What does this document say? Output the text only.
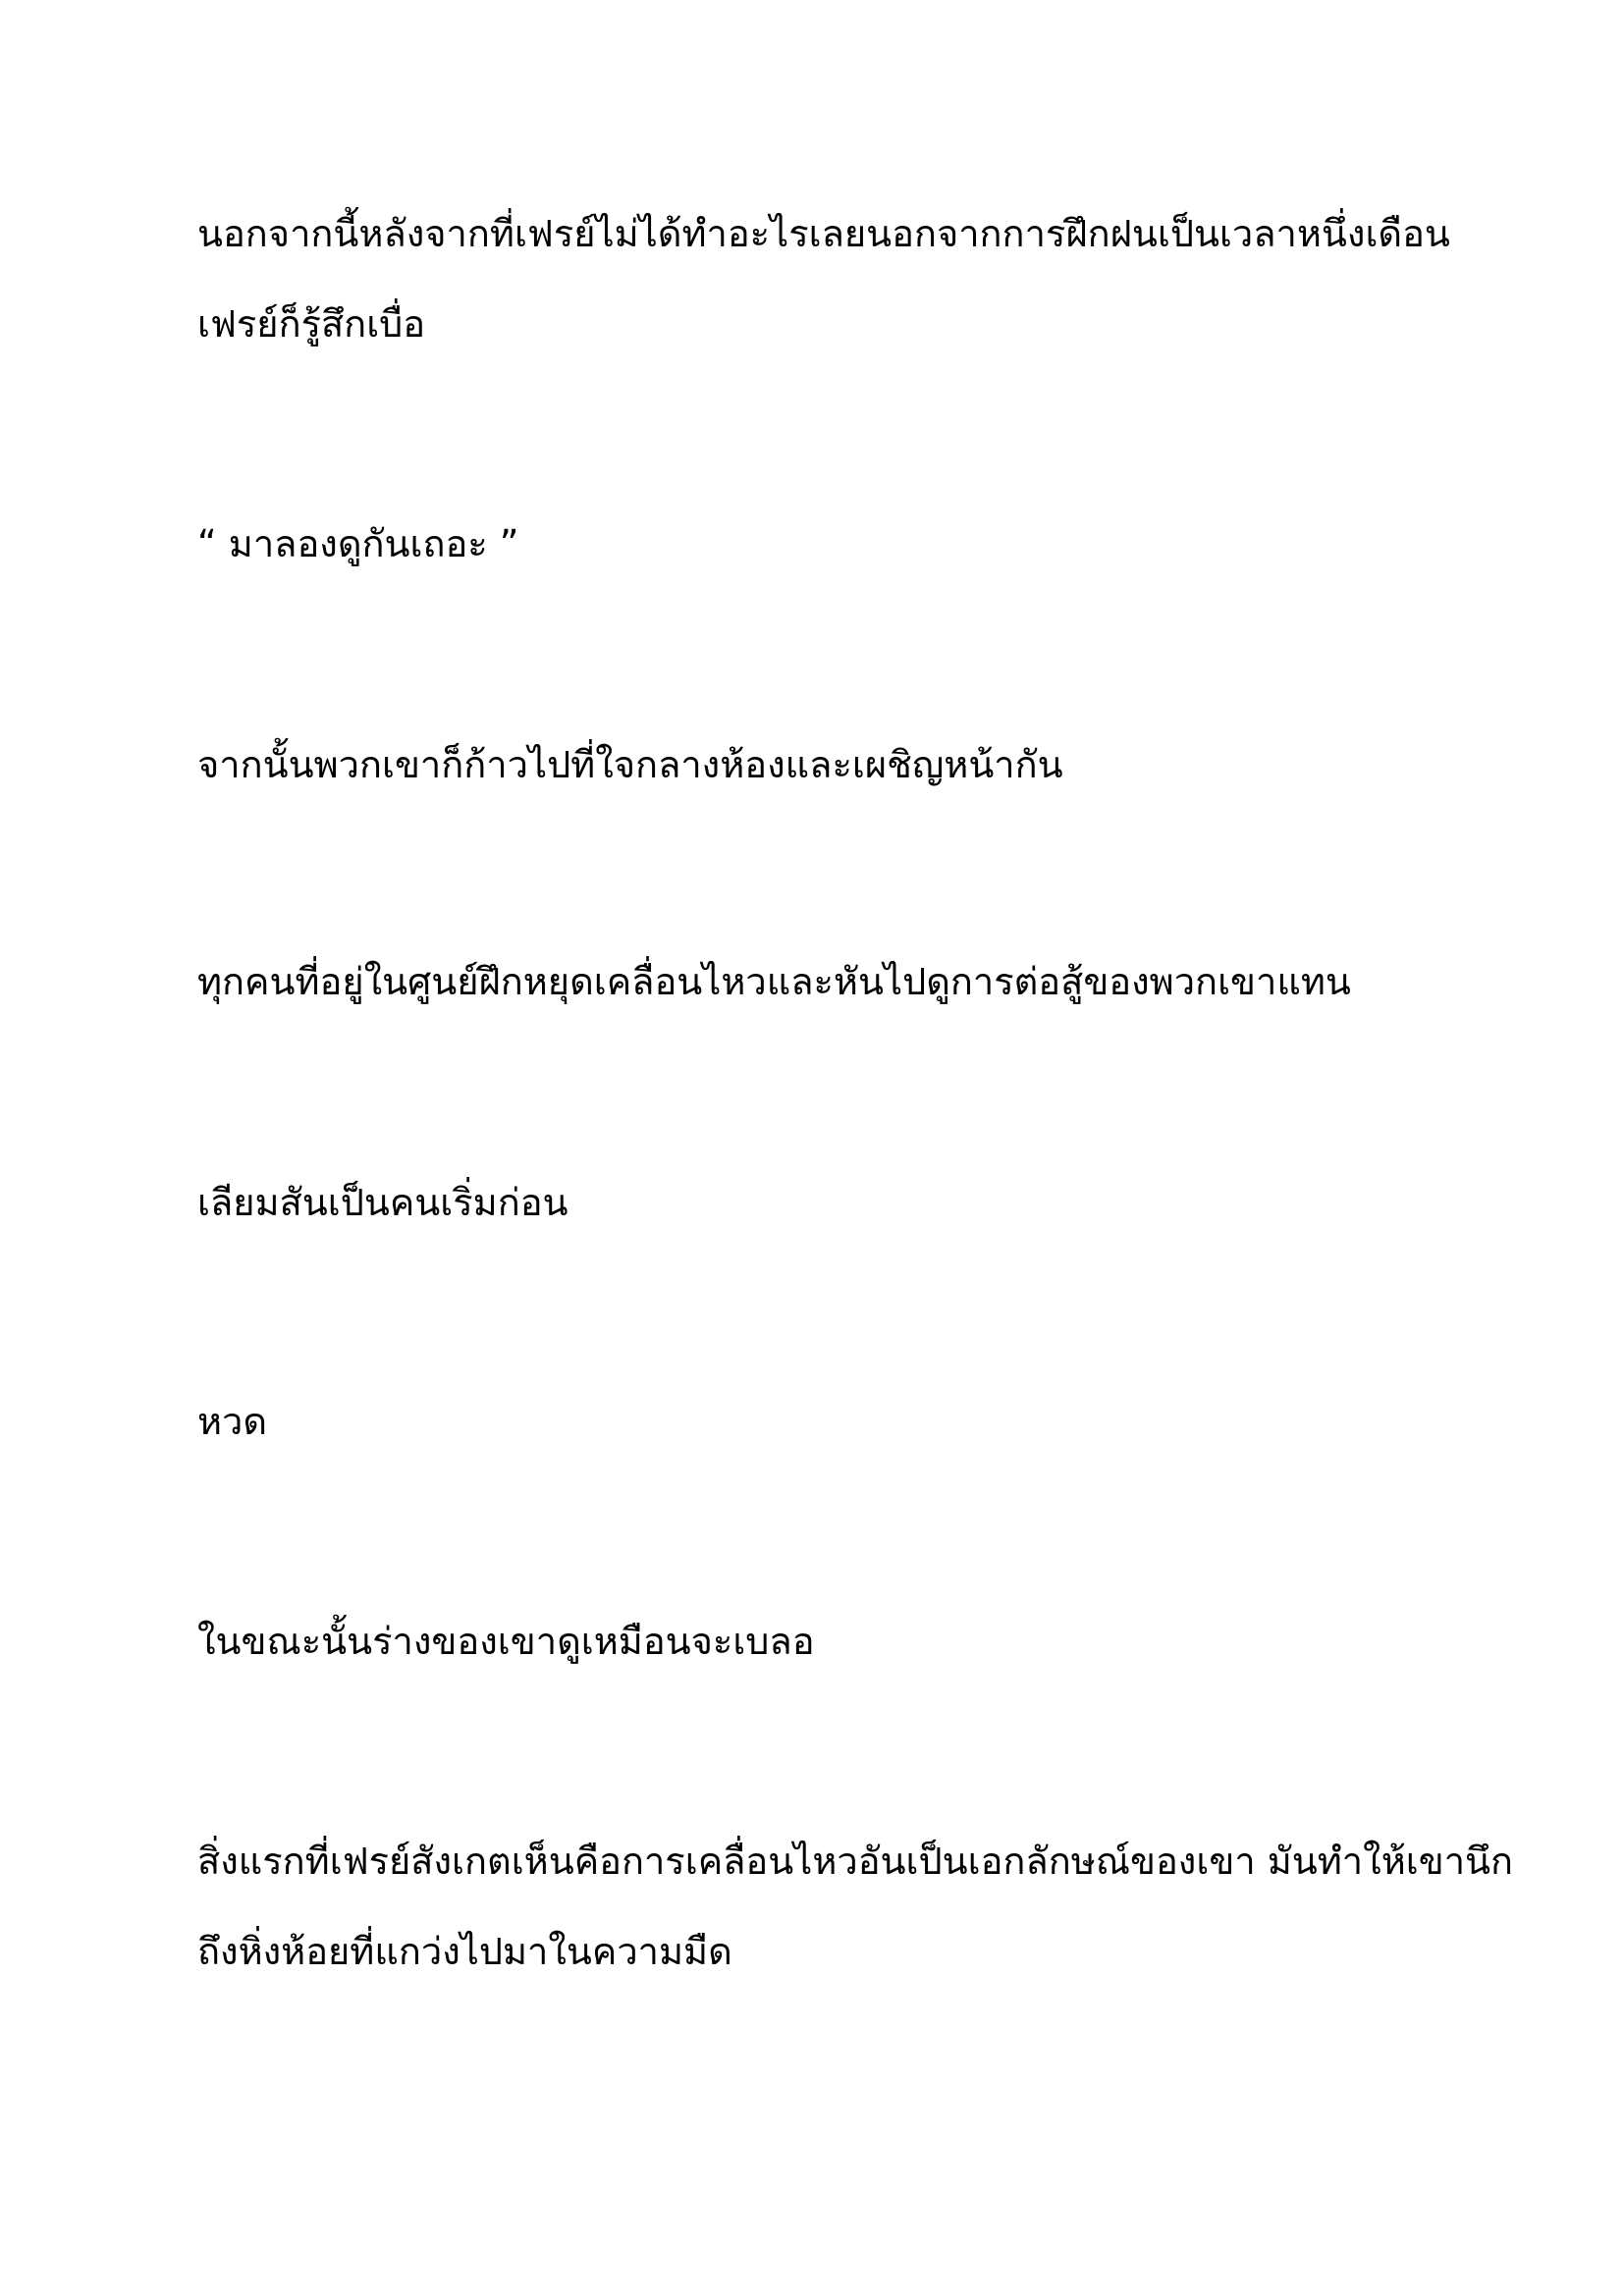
นอกจากนี้หลังจากที่เฟรย์ไม่ได้ทำอะไรเลยนอกจากการฝึกฝนเป็นเวลาหนึ่งเดือน
เฟรย์ก็รู้สึกเบื่อ

“ มาลองดูกันเถอะ ”

จากนั้นพวกเขาก็ก้าวไปที่ใจกลางห้องและเผชิญหน้ากัน

ทุกคนที่อยู่ในศูนย์ฝึกหยุดเคลื่อนไหวและหันไปดูการต่อสู้ของพวกเขาแทน

เลียมสันเป็นคนเริ่มก่อน

หวด

ในขณะนั้นร่างของเขาดูเหมือนจะเบลอ

สิ่งแรกที่เฟรย์สังเกตเห็นคือการเคลื่อนไหวอันเป็นเอกลักษณ์ของเขา มันทำให้เขานึก
ถึงหิ่งห้อยที่แกว่งไปมาในความมืด
